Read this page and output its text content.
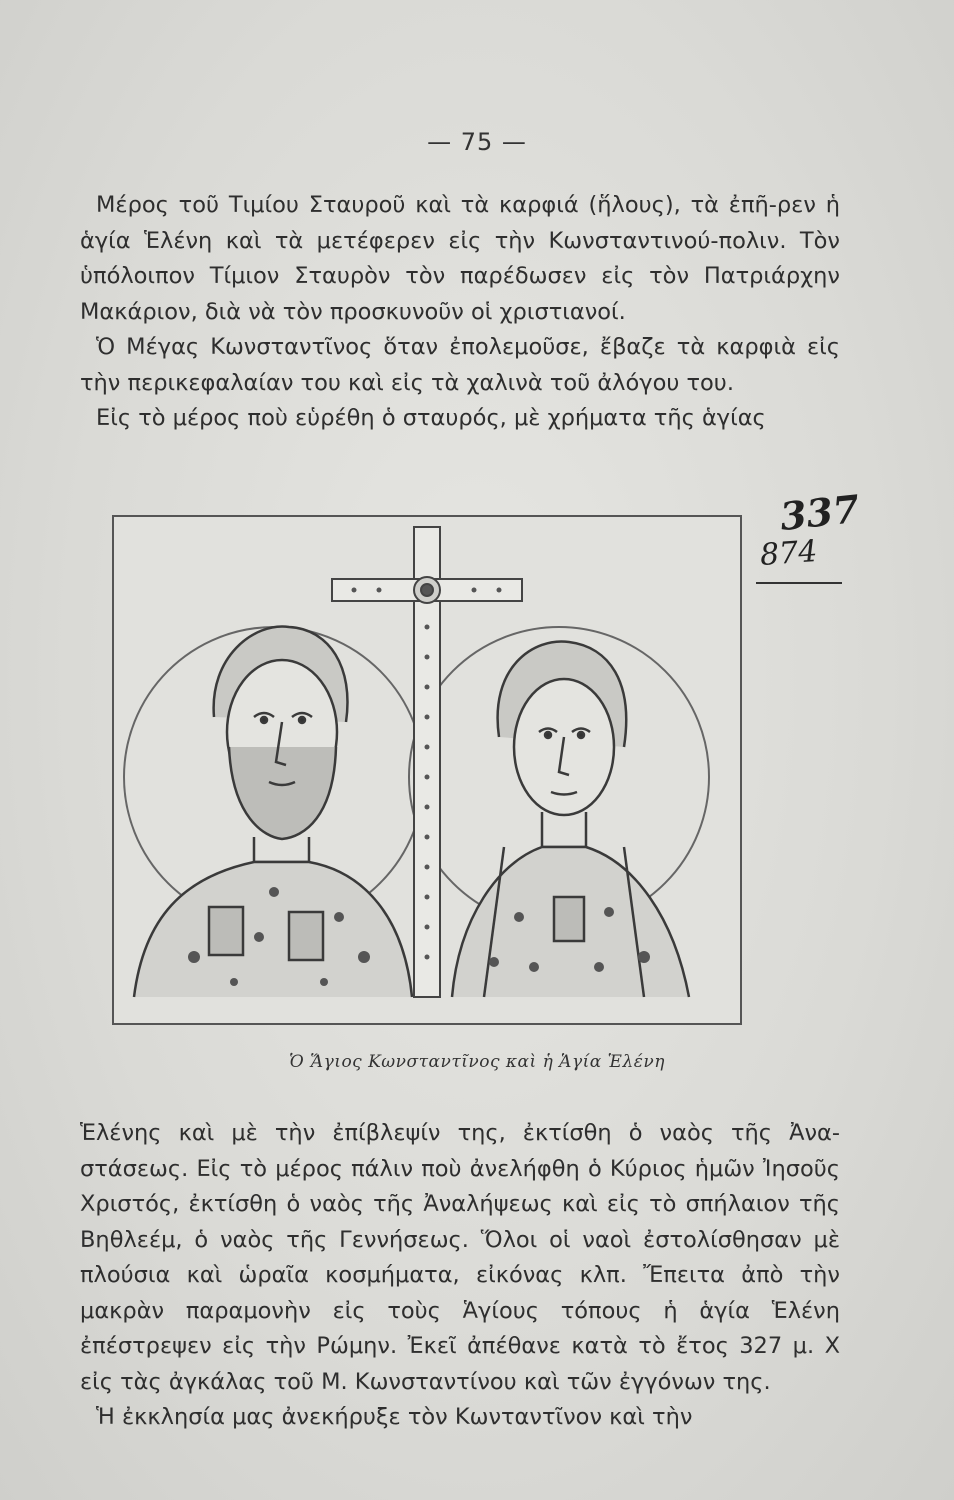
— 75 —

Μέρος τοῦ Τιμίου Σταυροῦ καὶ τὰ καρφιά (ἥλους), τὰ ἐπῆ-ρεν ἡ ἁγία Ἑλένη καὶ τὰ μετέφερεν εἰς τὴν Κωνσταντινού-πολιν. Τὸν ὑπόλοιπον Τίμιον Σταυρὸν τὸν παρέδωσεν εἰς τὸν Πατριάρχην Μακάριον, διὰ νὰ τὸν προσκυνοῦν οἱ χριστιανοί.

Ὁ Μέγας Κωνσταντῖνος ὅταν ἐπολεμοῦσε, ἔβαζε τὰ καρφιὰ εἰς τὴν περικεφαλαίαν του καὶ εἰς τὰ χαλινὰ τοῦ ἀλόγου του.

Εἰς τὸ μέρος ποὺ εὑρέθη ὁ σταυρός, μὲ χρήματα τῆς ἁγίας

337
874
Ὁ Ἅγιος Κωνσταντῖνος καὶ ἡ Ἁγία Ἑλένη

Ἑλένης καὶ μὲ τὴν ἐπίβλεψίν της, ἐκτίσθη ὁ ναὸς τῆς Ἀνα-στάσεως. Εἰς τὸ μέρος πάλιν ποὺ ἀνελήφθη ὁ Κύριος ἡμῶν Ἰησοῦς Χριστός, ἐκτίσθη ὁ ναὸς τῆς Ἀναλήψεως καὶ εἰς τὸ σπήλαιον τῆς Βηθλεέμ, ὁ ναὸς τῆς Γεννήσεως. Ὅλοι οἱ ναοὶ ἐστολίσθησαν μὲ πλούσια καὶ ὡραῖα κοσμήματα, εἰκόνας κλπ. Ἔπειτα ἀπὸ τὴν μακρὰν παραμονὴν εἰς τοὺς Ἁγίους τόπους ἡ ἁγία Ἑλένη ἐπέστρεψεν εἰς τὴν Ρώμην. Ἐκεῖ ἀπέθανε κατὰ τὸ ἔτος 327 μ. Χ εἰς τὰς ἀγκάλας τοῦ Μ. Κωνσταντίνου καὶ τῶν ἐγγόνων της.

Ἡ ἐκκλησία μας ἀνεκήρυξε τὸν Κωνταντῖνον καὶ τὴν
